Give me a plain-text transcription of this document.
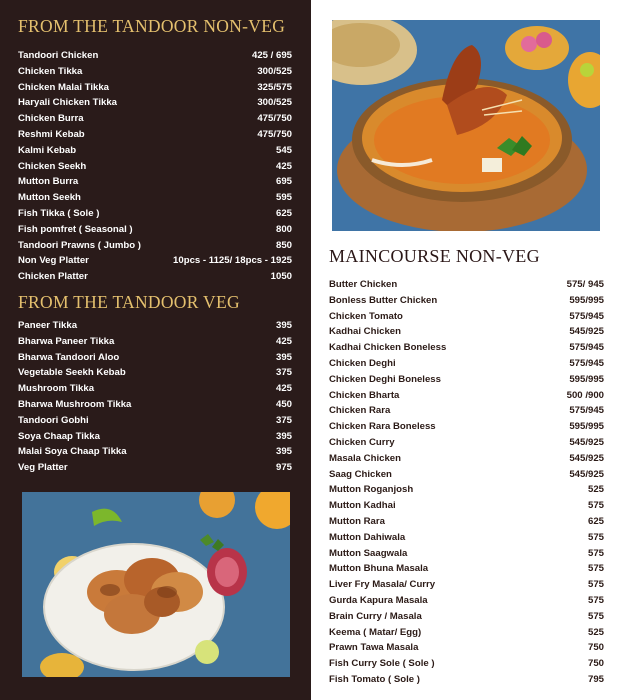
FROM THE TANDOOR NON-VEG
Tandoori Chicken	425 / 695
Chicken Tikka	300/525
Chicken Malai Tikka	325/575
Haryali Chicken Tikka	300/525
Chicken Burra	475/750
Reshmi Kebab	475/750
Kalmi Kebab	545
Chicken Seekh	425
Mutton Burra	695
Mutton Seekh	595
Fish Tikka ( Sole )	625
Fish pomfret ( Seasonal )	800
Tandoori Prawns ( Jumbo )	850
Non Veg Platter	10pcs - 1125/ 18pcs - 1925
Chicken Platter	1050
FROM THE TANDOOR VEG
Paneer Tikka	395
Bharwa Paneer Tikka	425
Bharwa Tandoori Aloo	395
Vegetable Seekh Kebab	375
Mushroom Tikka	425
Bharwa Mushroom Tikka	450
Tandoori Gobhi	375
Soya Chaap Tikka	395
Malai Soya Chaap Tikka	395
Veg Platter	975
MAINCOURSE NON-VEG
Butter Chicken	575/ 945
Bonless Butter Chicken	595/995
Chicken Tomato	575/945
Kadhai Chicken	545/925
Kadhai Chicken Boneless	575/945
Chicken Deghi	575/945
Chicken Deghi Boneless	595/995
Chicken Bharta	500 /900
Chicken Rara	575/945
Chicken Rara Boneless	595/995
Chicken Curry	545/925
Masala Chicken	545/925
Saag Chicken	545/925
Mutton Roganjosh	525
Mutton Kadhai	575
Mutton Rara	625
Mutton Dahiwala	575
Mutton Saagwala	575
Mutton Bhuna Masala	575
Liver Fry Masala/ Curry	575
Gurda Kapura Masala	575
Brain Curry / Masala	575
Keema ( Matar/ Egg)	525
Prawn Tawa Masala	750
Fish Curry Sole ( Sole )	750
Fish Tomato ( Sole )	795
